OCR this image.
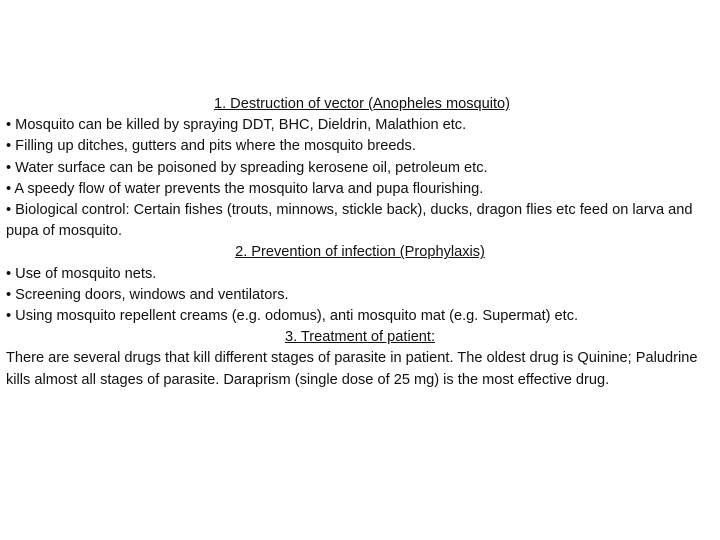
1. Destruction of vector (Anopheles mosquito)
• Mosquito can be killed by spraying DDT, BHC, Dieldrin, Malathion etc.
• Filling up ditches, gutters and pits where the mosquito breeds.
• Water surface can be poisoned by spreading kerosene oil, petroleum etc.
• A speedy flow of water prevents the mosquito larva and pupa flourishing.
• Biological control: Certain fishes (trouts, minnows, stickle back), ducks, dragon flies etc feed on larva and pupa of mosquito.
2. Prevention of infection (Prophylaxis)
• Use of mosquito nets.
• Screening doors, windows and ventilators.
• Using mosquito repellent creams (e.g. odomus), anti mosquito mat (e.g. Supermat) etc.
3. Treatment of patient:
There are several drugs that kill different stages of parasite in patient. The oldest drug is Quinine; Paludrine kills almost all stages of parasite. Daraprism (single dose of 25 mg) is the most effective drug.
